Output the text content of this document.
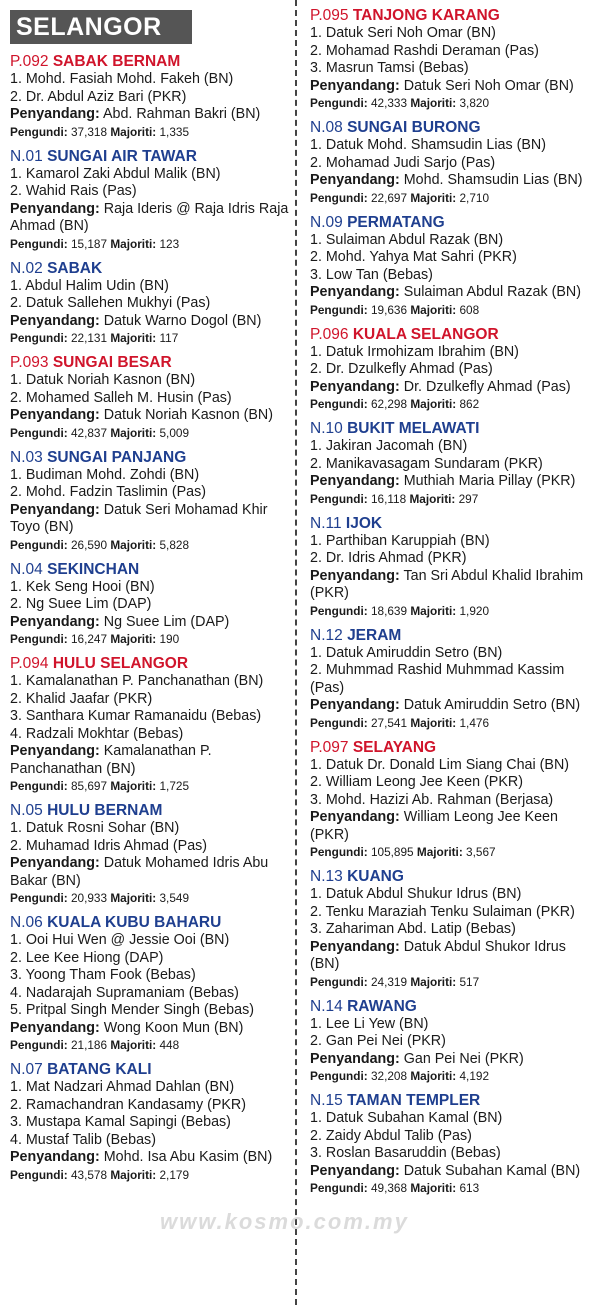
SELANGOR
P.092 SABAK BERNAM
1. Mohd. Fasiah Mohd. Fakeh (BN)
2. Dr. Abdul Aziz Bari (PKR)
Penyandang: Abd. Rahman Bakri (BN)
Pengundi: 37,318 Majoriti: 1,335
N.01 SUNGAI AIR TAWAR
1. Kamarol Zaki Abdul Malik (BN)
2. Wahid Rais (Pas)
Penyandang: Raja Ideris @ Raja Idris Raja Ahmad (BN)
Pengundi: 15,187 Majoriti: 123
N.02 SABAK
1. Abdul Halim Udin (BN)
2. Datuk Sallehen Mukhyi (Pas)
Penyandang: Datuk Warno Dogol (BN)
Pengundi: 22,131 Majoriti: 117
P.093 SUNGAI BESAR
1. Datuk Noriah Kasnon (BN)
2. Mohamed Salleh M. Husin (Pas)
Penyandang: Datuk Noriah Kasnon (BN)
Pengundi: 42,837 Majoriti: 5,009
N.03 SUNGAI PANJANG
1. Budiman Mohd. Zohdi (BN)
2. Mohd. Fadzin Taslimin (Pas)
Penyandang: Datuk Seri Mohamad Khir Toyo (BN)
Pengundi: 26,590 Majoriti: 5,828
N.04 SEKINCHAN
1. Kek Seng Hooi (BN)
2. Ng Suee Lim (DAP)
Penyandang: Ng Suee Lim (DAP)
Pengundi: 16,247 Majoriti: 190
P.094 HULU SELANGOR
1. Kamalanathan P. Panchanathan (BN)
2. Khalid Jaafar (PKR)
3. Santhara Kumar Ramanaidu (Bebas)
4. Radzali Mokhtar (Bebas)
Penyandang: Kamalanathan P. Panchanathan (BN)
Pengundi: 85,697 Majoriti: 1,725
N.05 HULU BERNAM
1. Datuk Rosni Sohar (BN)
2. Muhamad Idris Ahmad (Pas)
Penyandang: Datuk Mohamed Idris Abu Bakar (BN)
Pengundi: 20,933 Majoriti: 3,549
N.06 KUALA KUBU BAHARU
1. Ooi Hui Wen @ Jessie Ooi (BN)
2. Lee Kee Hiong (DAP)
3. Yoong Tham Fook (Bebas)
4. Nadarajah Supramaniam (Bebas)
5. Pritpal Singh Mender Singh (Bebas)
Penyandang: Wong Koon Mun (BN)
Pengundi: 21,186 Majoriti: 448
N.07 BATANG KALI
1. Mat Nadzari Ahmad Dahlan (BN)
2. Ramachandran Kandasamy (PKR)
3. Mustapa Kamal Sapingi (Bebas)
4. Mustaf Talib (Bebas)
Penyandang: Mohd. Isa Abu Kasim (BN)
Pengundi: 43,578 Majoriti: 2,179
P.095 TANJONG KARANG
1. Datuk Seri Noh Omar (BN)
2. Mohamad Rashdi Deraman (Pas)
3. Masrun Tamsi (Bebas)
Penyandang: Datuk Seri Noh Omar (BN)
Pengundi: 42,333 Majoriti: 3,820
N.08 SUNGAI BURONG
1. Datuk Mohd. Shamsudin Lias (BN)
2. Mohamad Judi Sarjo (Pas)
Penyandang: Mohd. Shamsudin Lias (BN)
Pengundi: 22,697 Majoriti: 2,710
N.09 PERMATANG
1. Sulaiman Abdul Razak (BN)
2. Mohd. Yahya Mat Sahri (PKR)
3. Low Tan (Bebas)
Penyandang: Sulaiman Abdul Razak (BN)
Pengundi: 19,636 Majoriti: 608
P.096 KUALA SELANGOR
1. Datuk Irmohizam Ibrahim (BN)
2. Dr. Dzulkefly Ahmad (Pas)
Penyandang: Dr. Dzulkefly Ahmad (Pas)
Pengundi: 62,298 Majoriti: 862
N.10 BUKIT MELAWATI
1. Jakiran Jacomah (BN)
2. Manikavasagam Sundaram (PKR)
Penyandang: Muthiah Maria Pillay (PKR)
Pengundi: 16,118 Majoriti: 297
N.11 IJOK
1. Parthiban Karuppiah (BN)
2. Dr. Idris Ahmad (PKR)
Penyandang: Tan Sri Abdul Khalid Ibrahim (PKR)
Pengundi: 18,639 Majoriti: 1,920
N.12 JERAM
1. Datuk Amiruddin Setro (BN)
2. Muhmmad Rashid Muhmmad Kassim (Pas)
Penyandang: Datuk Amiruddin Setro (BN)
Pengundi: 27,541 Majoriti: 1,476
P.097 SELAYANG
1. Datuk Dr. Donald Lim Siang Chai (BN)
2. William Leong Jee Keen (PKR)
3. Mohd. Hazizi Ab. Rahman (Berjasa)
Penyandang: William Leong Jee Keen (PKR)
Pengundi: 105,895 Majoriti: 3,567
N.13 KUANG
1. Datuk Abdul Shukur Idrus (BN)
2. Tenku Maraziah Tenku Sulaiman (PKR)
3. Zahariman Abd. Latip (Bebas)
Penyandang: Datuk Abdul Shukor Idrus (BN)
Pengundi: 24,319 Majoriti: 517
N.14 RAWANG
1. Lee Li Yew (BN)
2. Gan Pei Nei (PKR)
Penyandang: Gan Pei Nei (PKR)
Pengundi: 32,208 Majoriti: 4,192
N.15 TAMAN TEMPLER
1. Datuk Subahan Kamal (BN)
2. Zaidy Abdul Talib (Pas)
3. Roslan Basaruddin (Bebas)
Penyandang: Datuk Subahan Kamal (BN)
Pengundi: 49,368 Majoriti: 613
www.kosmo.com.my
